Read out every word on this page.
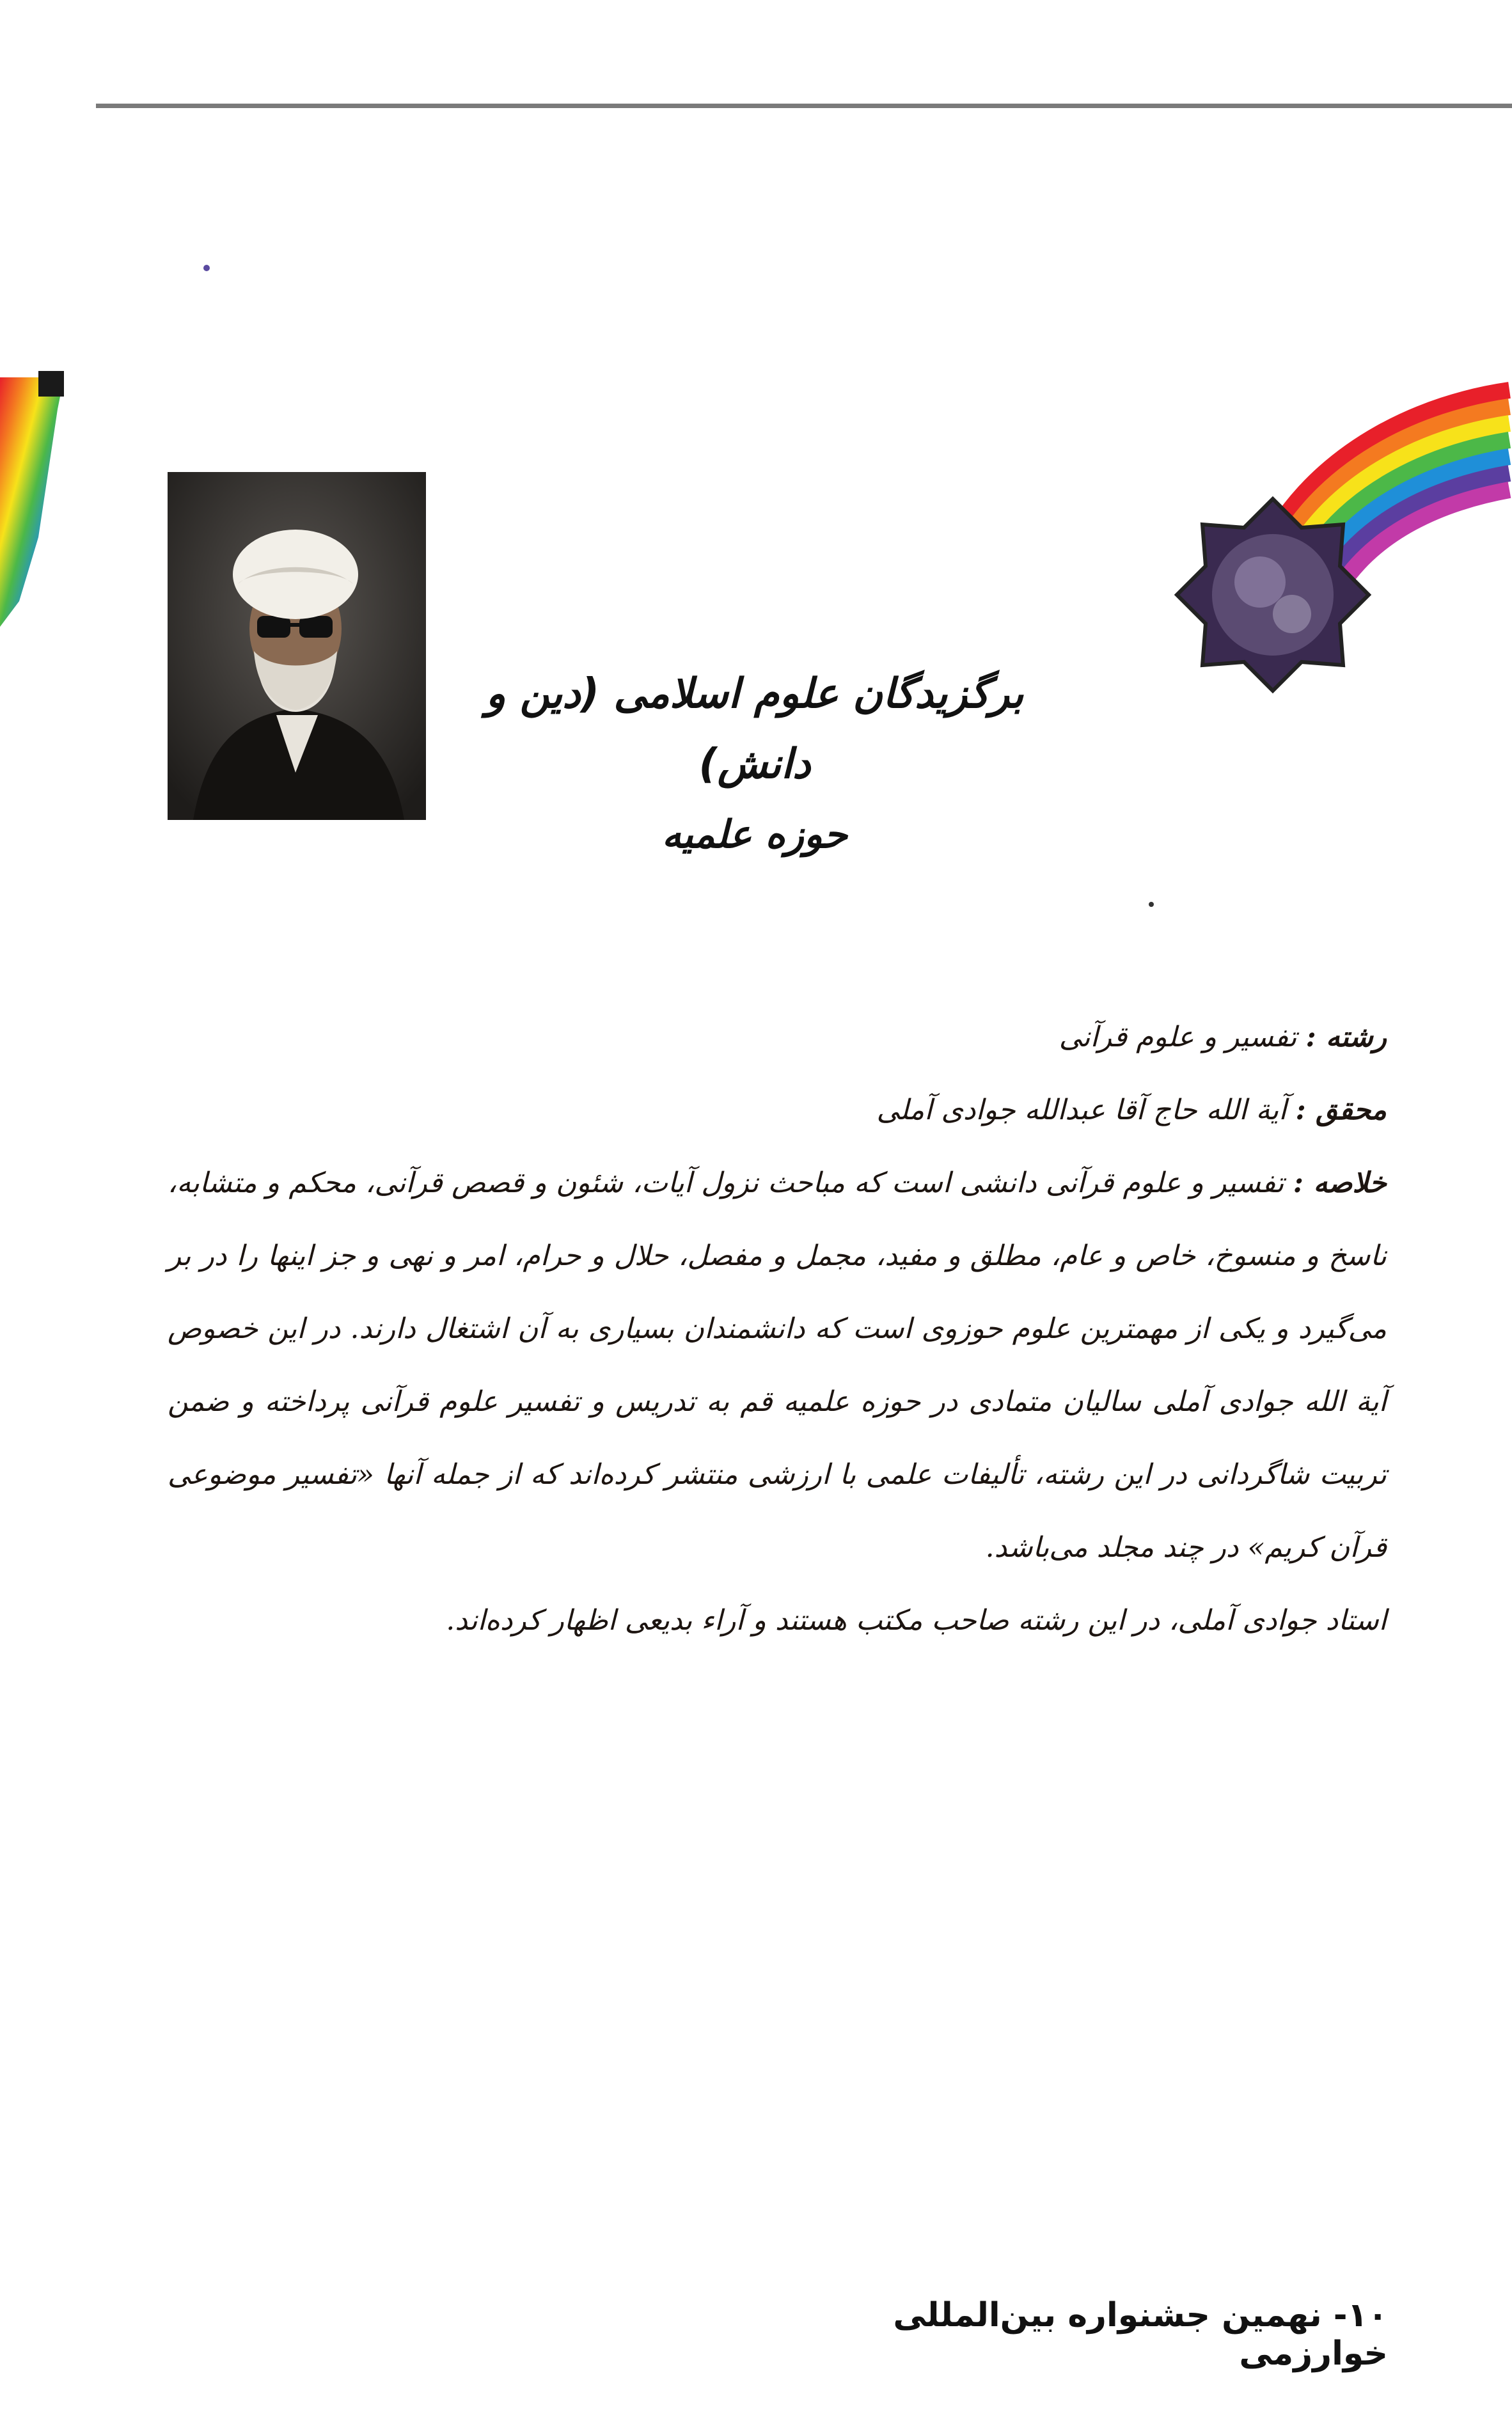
برگزیدگان علوم اسلامی (دین و دانش)
حوزه علمیه

رشته : تفسیر و علوم قرآنی

محقق : آیة الله حاج آقا عبدالله جوادی آملی

خلاصه : تفسیر و علوم قرآنی دانشی است که مباحث نزول آیات، شئون و قصص قرآنی، محکم و متشابه، ناسخ و منسوخ، خاص و عام، مطلق و مفید، مجمل و مفصل، حلال و حرام، امر و نهی و جز اینها را در بر می‌گیرد و یکی از مهمترین علوم حوزوی است که دانشمندان بسیاری به آن اشتغال دارند. در این خصوص آیة الله جوادی آملی سالیان متمادی در حوزه علمیه قم به تدریس و تفسیر علوم قرآنی پرداخته و ضمن تربیت شاگردانی در این رشته، تألیفات علمی با ارزشی منتشر کرده‌اند که از جمله آنها «تفسیر موضوعی قرآن کریم» در چند مجلد می‌باشد.

استاد جوادی آملی، در این رشته صاحب مکتب هستند و آراء بدیعی اظهار کرده‌اند.

۱۰- نهمین جشنواره بین‌المللی خوارزمی
